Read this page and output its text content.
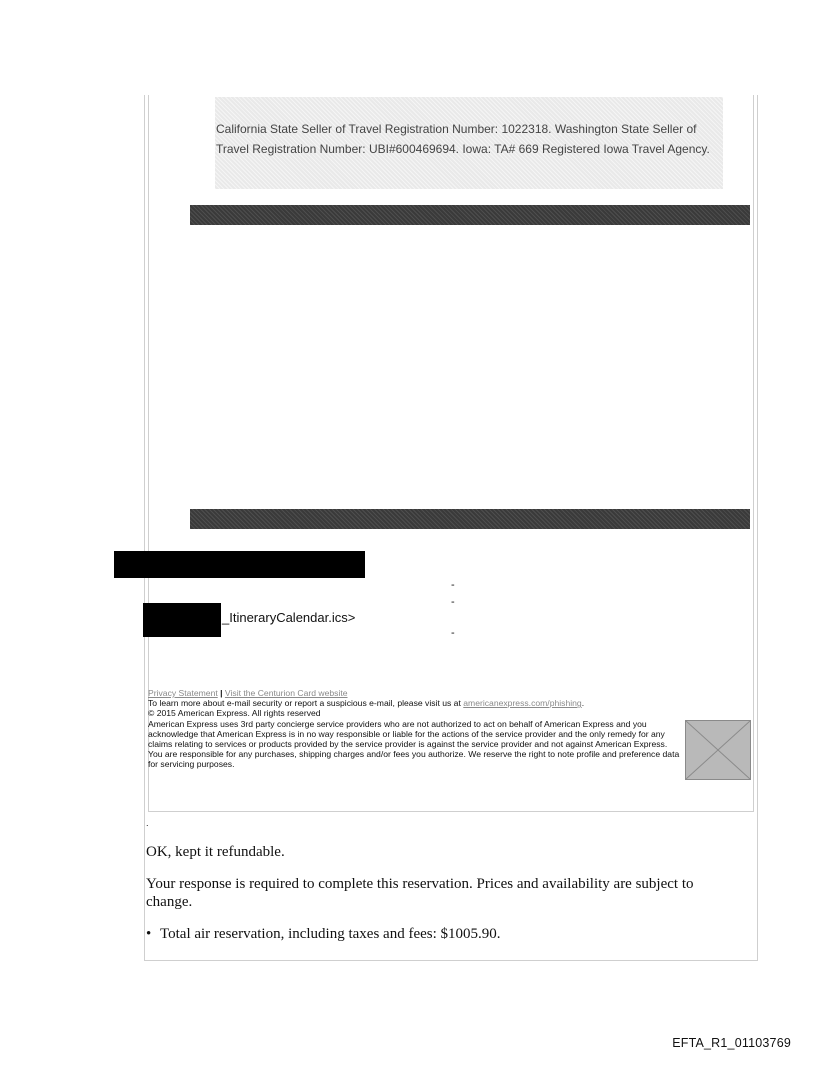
California State Seller of Travel Registration Number: 1022318. Washington State Seller of Travel Registration Number: UBI#600469694. Iowa: TA# 669 Registered Iowa Travel Agency.
_ItineraryCalendar.ics>
-
-
-
Privacy Statement | Visit the Centurion Card website
To learn more about e-mail security or report a suspicious e-mail, please visit us at americanexpress.com/phishing.
© 2015 American Express. All rights reserved
American Express uses 3rd party concierge service providers who are not authorized to act on behalf of American Express and you acknowledge that American Express is in no way responsible or liable for the actions of the service provider and the only remedy for any claims relating to services or products provided by the service provider is against the service provider and not against American Express. You are responsible for any purchases, shipping charges and/or fees you authorize. We reserve the right to note profile and preference data for servicing purposes.
.
OK, kept it refundable.
Your response is required to complete this reservation. Prices and availability are subject to change.
• Total air reservation, including taxes and fees: $1005.90.
EFTA_R1_01103769
